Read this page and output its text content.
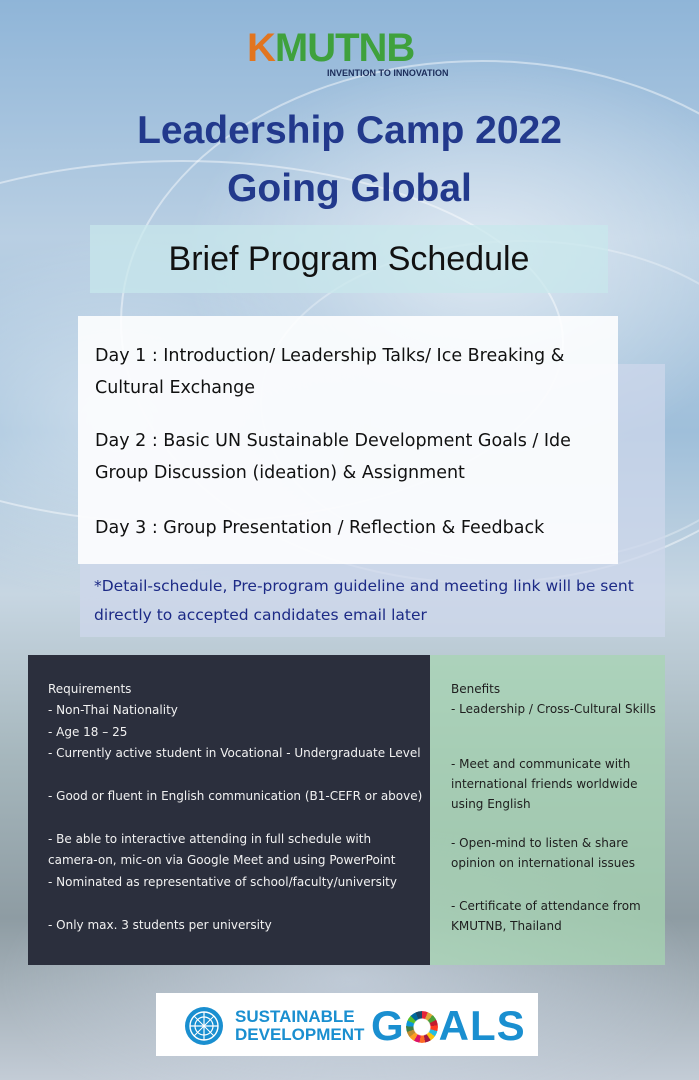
KMUTNB
INVENTION TO INNOVATION
Leadership Camp 2022
Going Global
Brief Program Schedule
Day 1 : Introduction/ Leadership Talks/ Ice Breaking & Cultural Exchange
Day 2 : Basic UN Sustainable Development Goals / Ide Group Discussion (ideation) & Assignment
Day 3 : Group Presentation / Reflection & Feedback
*Detail-schedule, Pre-program guideline and meeting link will be sent directly to accepted candidates email later
Requirements
- Non-Thai Nationality
- Age 18 – 25
- Currently active student in Vocational - Undergraduate Level
- Good or fluent in English communication (B1-CEFR or above)
- Be able to interactive attending in full schedule with camera-on, mic-on via Google Meet and using PowerPoint
- Nominated as representative of school/faculty/university
- Only max. 3 students per university
Benefits
- Leadership / Cross-Cultural Skills
- Meet and communicate with international friends worldwide using English
- Open-mind to listen & share opinion on international issues
- Certificate of attendance from KMUTNB, Thailand
SUSTAINABLE
DEVELOPMENT G ALS
